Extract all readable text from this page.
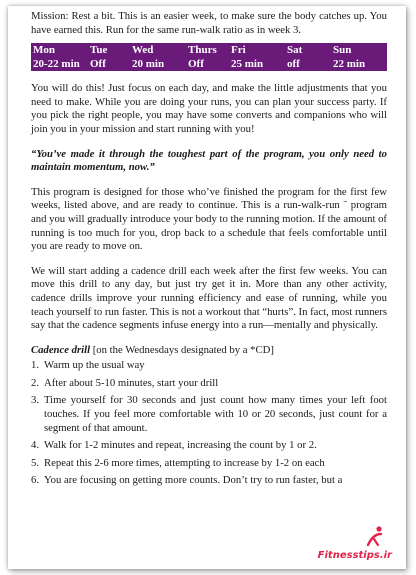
Mission: Rest a bit. This is an easier week, to make sure the body catches up. You have earned this. Run for the same run-walk ratio as in week 3.

Mon	Tue	Wed	Thurs	Fri	Sat	Sun
20-22 min	Off	20 min	Off	25 min	off	22 min

You will do this! Just focus on each day, and make the little adjustments that you need to make. While you are doing your runs, you can plan your success party. If you pick the right people, you may have some converts and companions who will join you in your mission and start running with you!

“You’ve made it through the toughest part of the program, you only need to maintain momentum, now.”

This program is designed for those who’ve finished the program for the first few weeks, listed above, and are ready to continue. This is a run-walk-run ˜ program and you will gradually introduce your body to the running motion. If the amount of running is too much for you, drop back to a schedule that feels comfortable until you are ready to move on.

We will start adding a cadence drill each week after the first few weeks. You can move this drill to any day, but just try get it in. More than any other activity, cadence drills improve your running efficiency and ease of running, while you teach yourself to run faster. This is not a workout that “hurts”. In fact, most runners say that the cadence segments infuse energy into a run—mentally and physically.

Cadence drill [on the Wednesdays designated by a *CD]
1. Warm up the usual way
2. After about 5-10 minutes, start your drill
3. Time yourself for 30 seconds and just count how many times your left foot touches. If you feel more comfortable with 10 or 20 seconds, just count for a segment of that amount.
4. Walk for 1-2 minutes and repeat, increasing the count by 1 or 2.
5. Repeat this 2-6 more times, attempting to increase by 1-2 on each
6. You are focusing on getting more counts. Don’t try to run faster, but a
Fitnesstips.ir
